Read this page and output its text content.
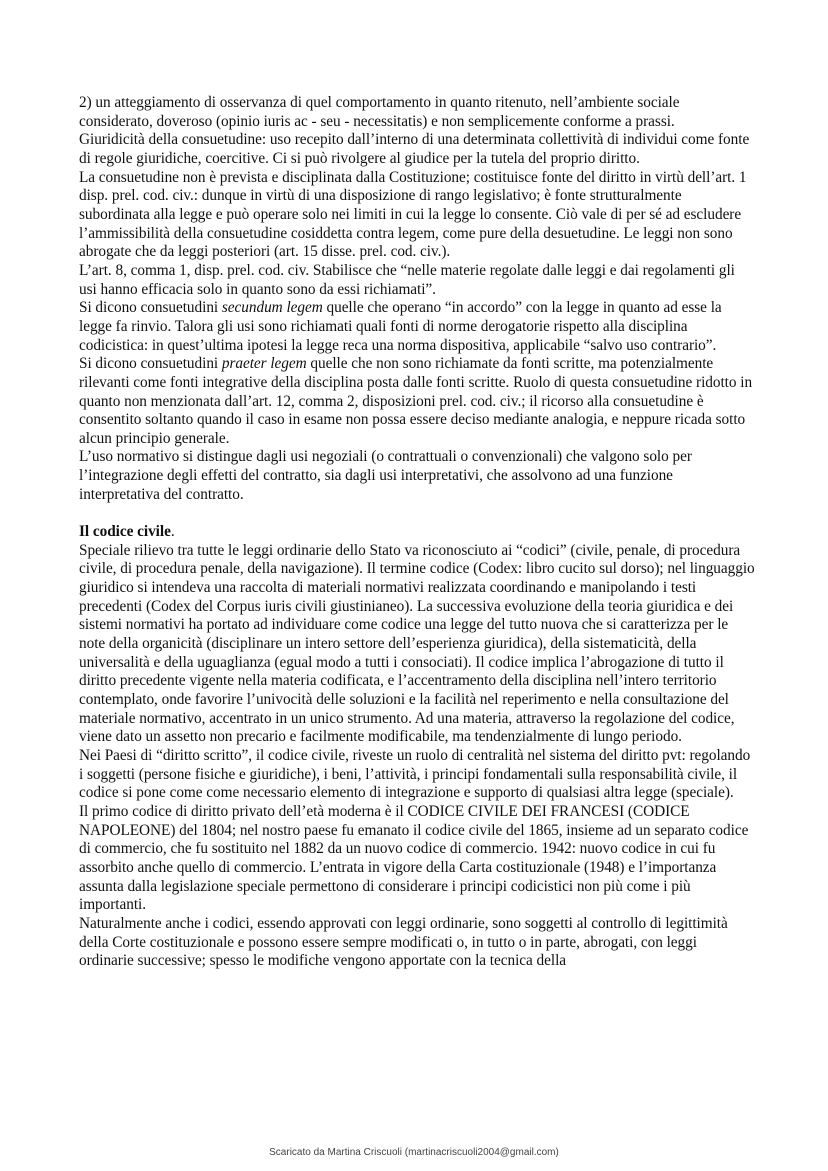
2) un atteggiamento di osservanza di quel comportamento in quanto ritenuto, nell’ambiente sociale considerato, doveroso (opinio iuris ac - seu - necessitatis) e non semplicemente conforme a prassi.

Giuridicità della consuetudine: uso recepito dall’interno di una determinata collettività di individui come fonte di regole giuridiche, coercitive. Ci si può rivolgere al giudice per la tutela del proprio diritto.

La consuetudine non è prevista e disciplinata dalla Costituzione; costituisce fonte del diritto in virtù dell’art. 1 disp. prel. cod. civ.: dunque in virtù di una disposizione di rango legislativo; è fonte strutturalmente subordinata alla legge e può operare solo nei limiti in cui la legge lo consente. Ciò vale di per sé ad escludere l’ammissibilità della consuetudine cosiddetta contra legem, come pure della desuetudine. Le leggi non sono abrogate che da leggi posteriori (art. 15 disse. prel. cod. civ.).

L’art. 8, comma 1, disp. prel. cod. civ. Stabilisce che “nelle materie regolate dalle leggi e dai regolamenti gli usi hanno efficacia solo in quanto sono da essi richiamati”.

Si dicono consuetudini secundum legem quelle che operano “in accordo” con la legge in quanto ad esse la legge fa rinvio. Talora gli usi sono richiamati quali fonti di norme derogatorie rispetto alla disciplina codicistica: in quest’ultima ipotesi la legge reca una norma dispositiva, applicabile “salvo uso contrario”.

Si dicono consuetudini praeter legem quelle che non sono richiamate da fonti scritte, ma potenzialmente rilevanti come fonti integrative della disciplina posta dalle fonti scritte. Ruolo di questa consuetudine ridotto in quanto non menzionata dall’art. 12, comma 2, disposizioni prel. cod. civ.; il ricorso alla consuetudine è consentito soltanto quando il caso in esame non possa essere deciso mediante analogia, e neppure ricada sotto alcun principio generale.

L’uso normativo si distingue dagli usi negoziali (o contrattuali o convenzionali) che valgono solo per l’integrazione degli effetti del contratto, sia dagli usi interpretativi, che assolvono ad una funzione interpretativa del contratto.

Il codice civile.

Speciale rilievo tra tutte le leggi ordinarie dello Stato va riconosciuto ai “codici” (civile, penale, di procedura civile, di procedura penale, della navigazione). Il termine codice (Codex: libro cucito sul dorso); nel linguaggio giuridico si intendeva una raccolta di materiali normativi realizzata coordinando e manipolando i testi precedenti (Codex del Corpus iuris civili giustinianeo). La successiva evoluzione della teoria giuridica e dei sistemi normativi ha portato ad individuare come codice una legge del tutto nuova che si caratterizza per le note della organicità (disciplinare un intero settore dell’esperienza giuridica), della sistematicità, della universalità e della uguaglianza (egual modo a tutti i consociati). Il codice implica l’abrogazione di tutto il diritto precedente vigente nella materia codificata, e l’accentramento della disciplina nell’intero territorio contemplato, onde favorire l’univocità delle soluzioni e la facilità nel reperimento e nella consultazione del materiale normativo, accentrato in un unico strumento. Ad una materia, attraverso la regolazione del codice, viene dato un assetto non precario e facilmente modificabile, ma tendenzialmente di lungo periodo.

Nei Paesi di “diritto scritto”, il codice civile, riveste un ruolo di centralità nel sistema del diritto pvt: regolando i soggetti (persone fisiche e giuridiche), i beni, l’attività, i principi fondamentali sulla responsabilità civile, il codice si pone come come necessario elemento di integrazione e supporto di qualsiasi altra legge (speciale).

Il primo codice di diritto privato dell’età moderna è il CODICE CIVILE DEI FRANCESI (CODICE NAPOLEONE) del 1804; nel nostro paese fu emanato il codice civile del 1865, insieme ad un separato codice di commercio, che fu sostituito nel 1882 da un nuovo codice di commercio. 1942: nuovo codice in cui fu assorbito anche quello di commercio. L’entrata in vigore della Carta costituzionale (1948) e l’importanza assunta dalla legislazione speciale permettono di considerare i principi codicistici non più come i più importanti.

Naturalmente anche i codici, essendo approvati con leggi ordinarie, sono soggetti al controllo di legittimità della Corte costituzionale e possono essere sempre modificati o, in tutto o in parte, abrogati, con leggi ordinarie successive; spesso le modifiche vengono apportate con la tecnica della

Scaricato da Martina Criscuoli (martinacriscuoli2004@gmail.com)
